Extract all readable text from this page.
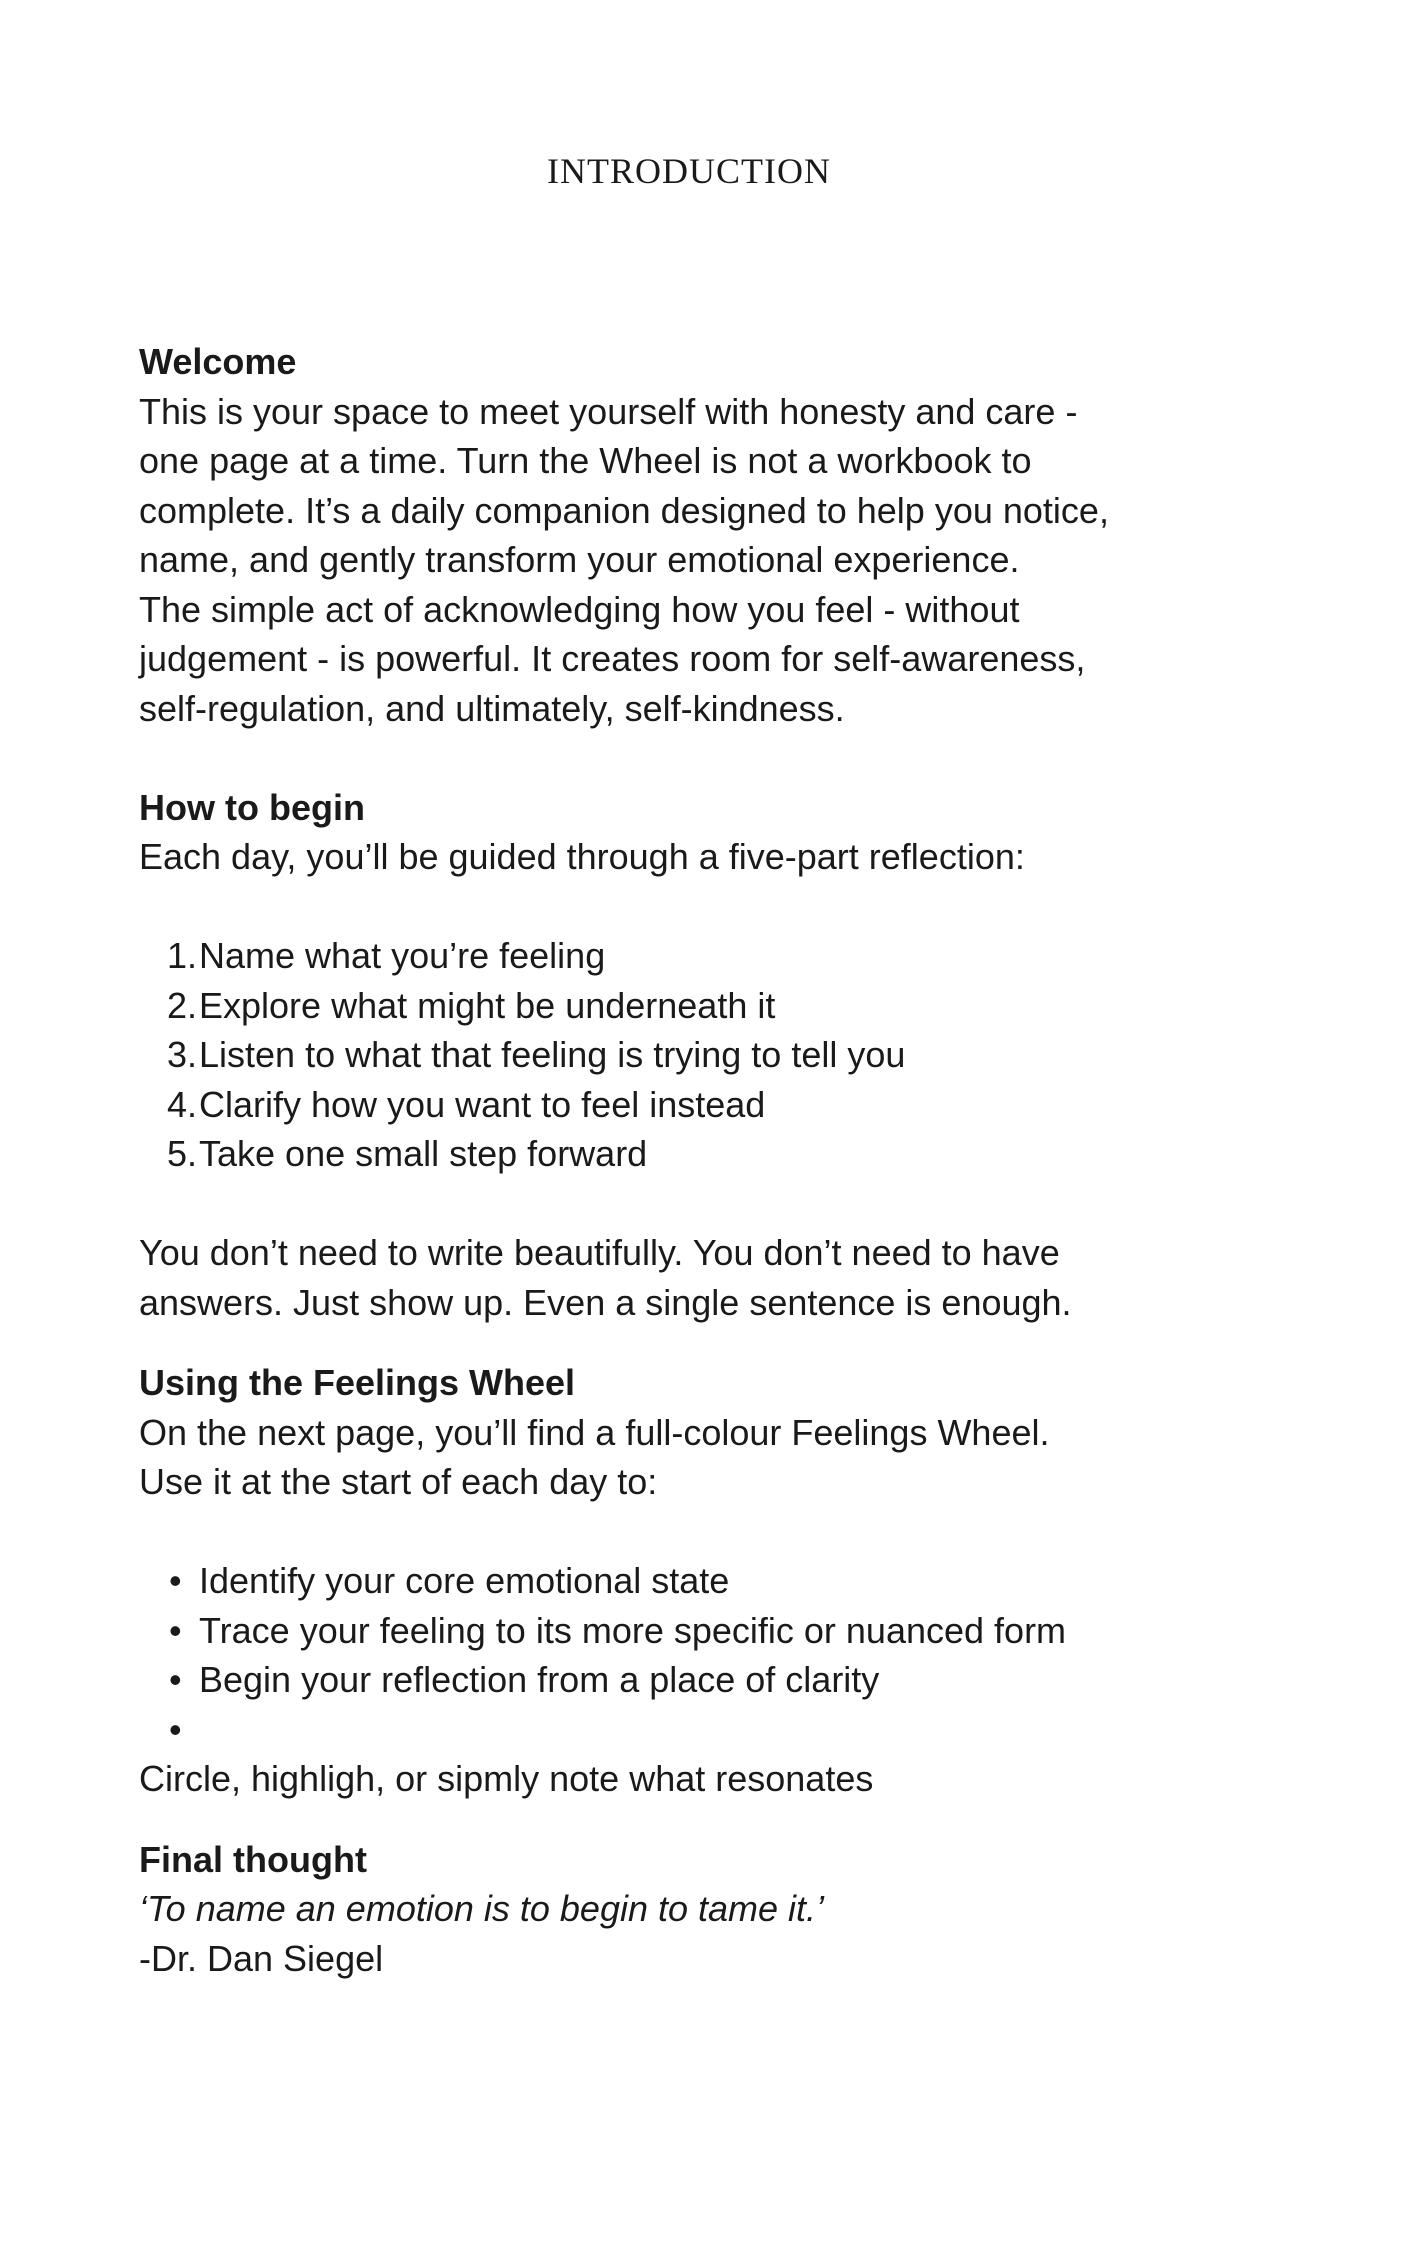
INTRODUCTION
Welcome

This is your space to meet yourself with honesty and care -

one page at a time. Turn the Wheel is not a workbook to

complete. It’s a daily companion designed to help you notice,

name, and gently transform your emotional experience.

The simple act of acknowledging how you feel - without

judgement - is powerful. It creates room for self-awareness,

self-regulation, and ultimately, self-kindness.

How to begin

Each day, you’ll be guided through a five-part reflection:

1. Name what you’re feeling
2. Explore what might be underneath it
3. Listen to what that feeling is trying to tell you
4. Clarify how you want to feel instead
5. Take one small step forward

You don’t need to write beautifully. You don’t need to have

answers. Just show up. Even a single sentence is enough.

Using the Feelings Wheel

On the next page, you’ll find a full-colour Feelings Wheel.

Use it at the start of each day to:

• Identify your core emotional state
• Trace your feeling to its more specific or nuanced form
• Begin your reflection from a place of clarity
•

Circle, highligh, or sipmly note what resonates

Final thought

‘To name an emotion is to begin to tame it.’

-Dr. Dan Siegel
